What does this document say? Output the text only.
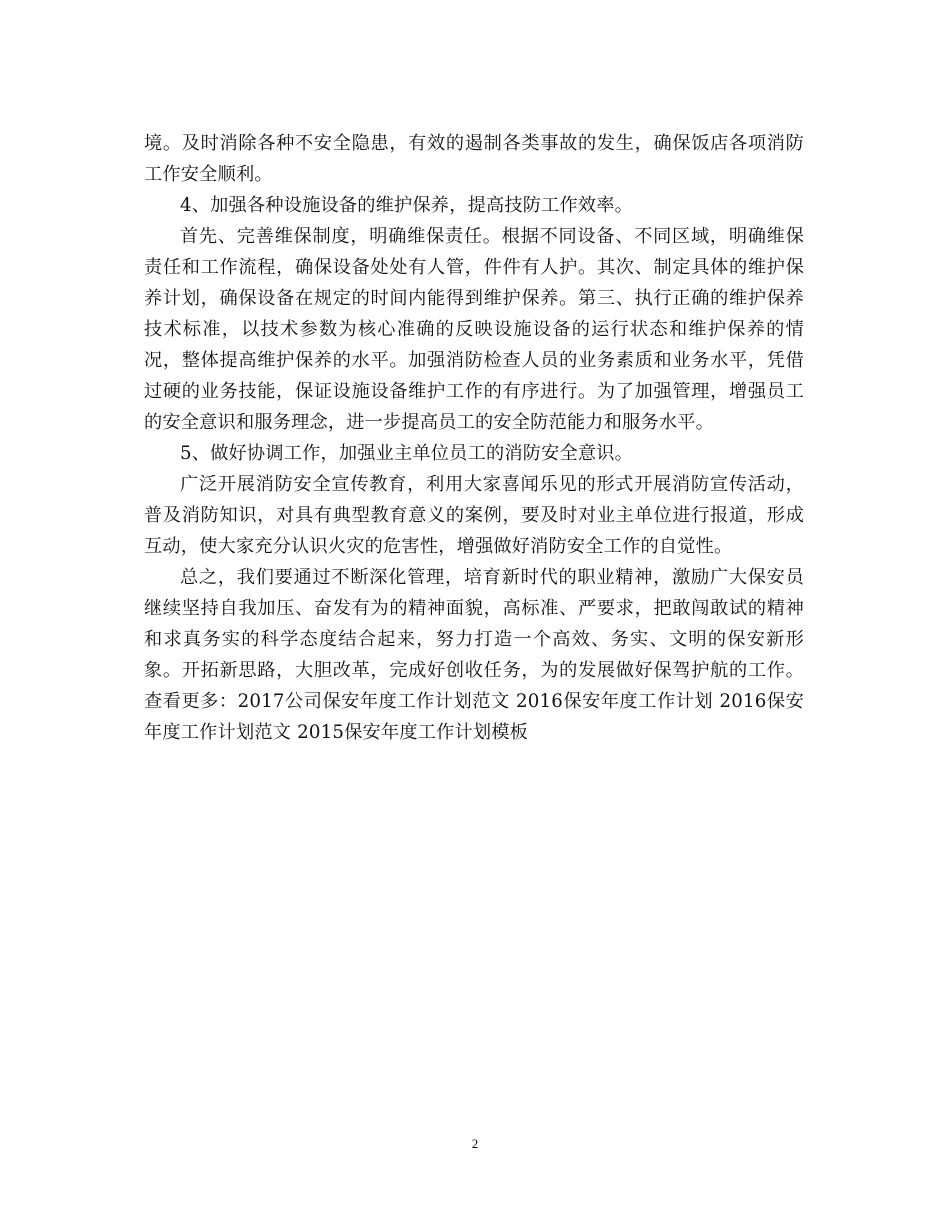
境。及时消除各种不安全隐患，有效的遏制各类事故的发生，确保饭店各项消防工作安全顺利。

4、加强各种设施设备的维护保养，提高技防工作效率。

首先、完善维保制度，明确维保责任。根据不同设备、不同区域，明确维保责任和工作流程，确保设备处处有人管，件件有人护。其次、制定具体的维护保养计划，确保设备在规定的时间内能得到维护保养。第三、执行正确的维护保养技术标准，以技术参数为核心准确的反映设施设备的运行状态和维护保养的情况，整体提高维护保养的水平。加强消防检查人员的业务素质和业务水平，凭借过硬的业务技能，保证设施设备维护工作的有序进行。为了加强管理，增强员工的安全意识和服务理念，进一步提高员工的安全防范能力和服务水平。

5、做好协调工作，加强业主单位员工的消防安全意识。

广泛开展消防安全宣传教育，利用大家喜闻乐见的形式开展消防宣传活动，普及消防知识，对具有典型教育意义的案例，要及时对业主单位进行报道，形成互动，使大家充分认识火灾的危害性，增强做好消防安全工作的自觉性。

总之，我们要通过不断深化管理，培育新时代的职业精神，激励广大保安员继续坚持自我加压、奋发有为的精神面貌，高标准、严要求，把敢闯敢试的精神和求真务实的科学态度结合起来，努力打造一个高效、务实、文明的保安新形象。开拓新思路，大胆改革，完成好创收任务，为的发展做好保驾护航的工作。查看更多：2017公司保安年度工作计划范文 2016保安年度工作计划 2016保安年度工作计划范文 2015保安年度工作计划模板

2
